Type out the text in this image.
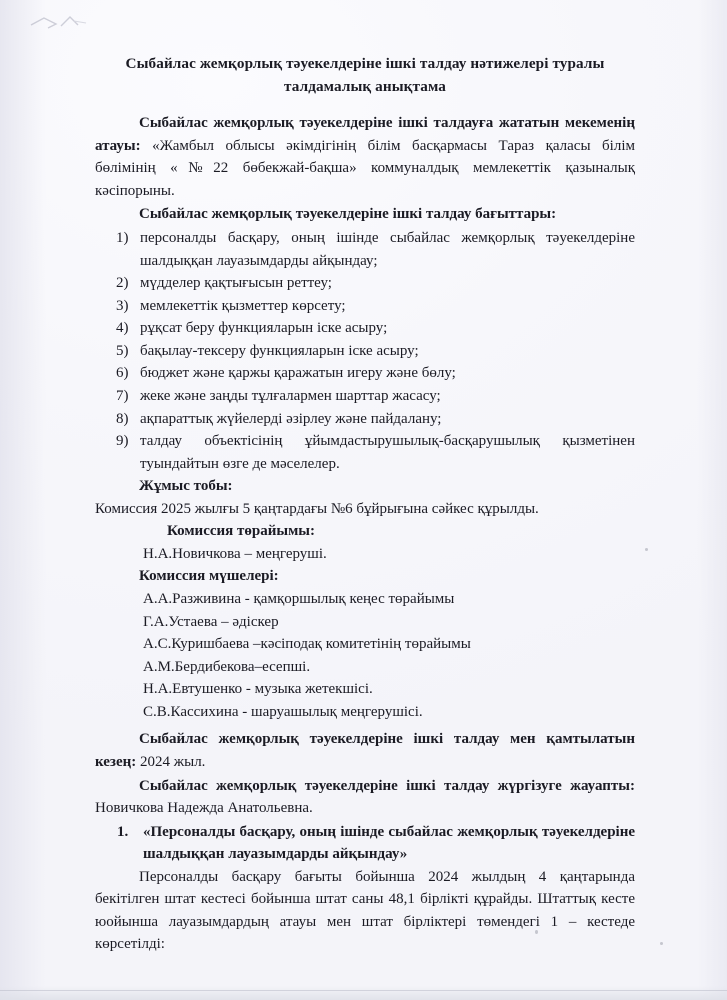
Сыбайлас жемқорлық тәуекелдеріне ішкі талдау нәтижелері туралы талдамалық анықтама

Сыбайлас жемқорлық тәуекелдеріне ішкі талдауға жататын мекеменің атауы: «Жамбыл облысы әкімдігінің білім басқармасы Тараз қаласы білім бөлімінің «№22 бөбекжай-бақша» коммуналдық мемлекеттік қазыналық кәсіпорыны.

Сыбайлас жемқорлық тәуекелдеріне ішкі талдау бағыттары:

персоналды басқару, оның ішінде сыбайлас жемқорлық тәуекелдеріне шалдыққан лауазымдарды айқындау;
мүдделер қақтығысын реттеу;
мемлекеттік қызметтер көрсету;
рұқсат беру функцияларын іске асыру;
бақылау-тексеру функцияларын іске асыру;
бюджет және қаржы қаражатын игеру және бөлу;
жеке және заңды тұлғалармен шарттар жасасу;
ақпараттық жүйелерді әзірлеу және пайдалану;
талдау объектісінің ұйымдастырушылық-басқарушылық қызметінен туындайтын өзге де мәселелер.

Жұмыс тобы:

Комиссия 2025 жылғы 5 қаңтардағы №6 бұйрығына сәйкес құрылды.

Комиссия төрайымы:

Н.А.Новичкова – меңгеруші.

Комиссия мүшелері:

А.А.Разживина - қамқоршылық кеңес төрайымы

Г.А.Устаева – әдіскер

А.С.Куришбаева –кәсіподақ комитетінің төрайымы

А.М.Бердибекова–есепші.

Н.А.Евтушенко - музыка жетекшісі.

С.В.Кассихина - шаруашылық меңгерушісі.

Сыбайлас жемқорлық тәуекелдеріне ішкі талдау мен қамтылатын кезең: 2024 жыл.

Сыбайлас жемқорлық тәуекелдеріне ішкі талдау жүргізуге жауапты: Новичкова Надежда Анатольевна.

1. «Персоналды басқару, оның ішінде сыбайлас жемқорлық тәуекелдеріне шалдыққан лауазымдарды айқындау»

Персоналды басқару бағыты бойынша 2024 жылдың 4 қаңтарында бекітілген штат кестесі бойынша штат саны 48,1 бірлікті құрайды. Штаттық кесте юойынша лауазымдардың атауы мен штат бірліктері төмендегі 1 – кестеде көрсетілді:
